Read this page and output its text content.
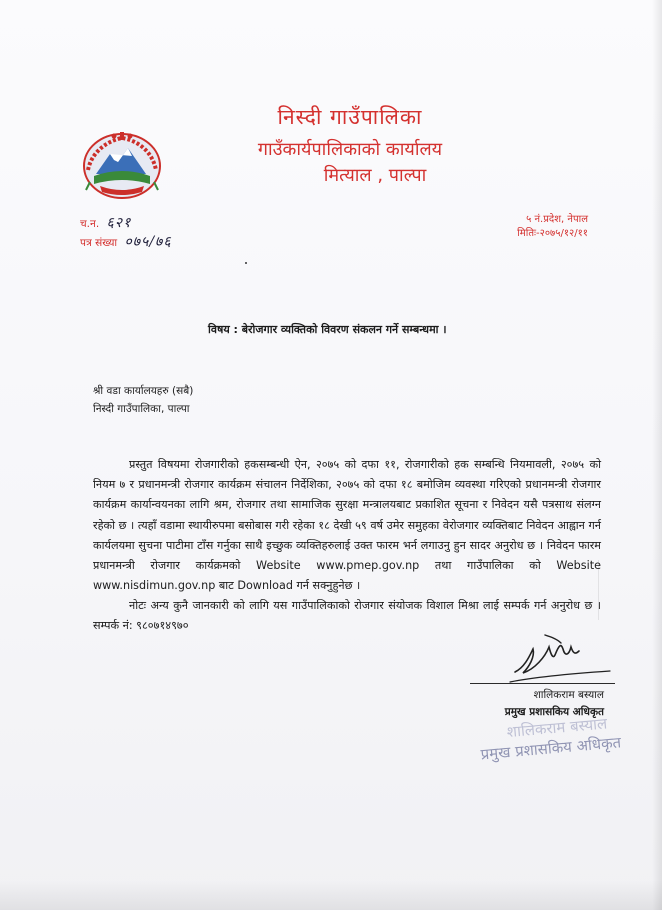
निस्दी गाउँपालिका
गाउँकार्यपालिकाको कार्यालय
मित्याल , पाल्पा
च.न. ६२१
पत्र संख्या ०७५/७६
५ नं.प्रदेश, नेपाल
मितिः-२०७५/१२/११
विषय : बेरोजगार व्यक्तिको विवरण संकलन गर्ने सम्बन्धमा ।
श्री वडा कार्यालयहरु (सबै)
निस्दी गाउँपालिका, पाल्पा

प्रस्तुत विषयमा रोजगारीको हकसम्बन्धी ऐन, २०७५ को दफा ११, रोजगारीको हक सम्बन्धि नियमावली, २०७५ को नियम ७ र प्रधानमन्त्री रोजगार कार्यक्रम संचालन निर्देशिका, २०७५ को दफा १८ बमोजिम व्यवस्था गरिएको प्रधानमन्त्री रोजगार कार्यक्रम कार्यान्वयनका लागि श्रम, रोजगार तथा सामाजिक सुरक्षा मन्त्रालयबाट प्रकाशित सूचना र निवेदन यसै पत्रसाथ संलग्न रहेको छ । त्यहाँ वडामा स्थायीरुपमा बसोबास गरी रहेका १८ देखी ५९ वर्ष उमेर समुहका वेरोजगार व्यक्तिबाट निवेदन आह्वान गर्न कार्यलयमा सुचना पाटीमा टाँस गर्नुका साथै इच्छुक व्यक्तिहरुलाई उक्त फारम भर्न लगाउनु हुन सादर अनुरोध छ । निवेदन फारम प्रधानमन्त्री रोजगार कार्यक्रमको Website www.pmep.gov.np तथा गाउँपालिका को Website www.nisdimun.gov.np बाट Download गर्न सक्नुहुनेछ ।

नोटः अन्य कुनै जानकारी को लागि यस गाउँपालिकाको रोजगार संयोजक विशाल मिश्रा लाई सम्पर्क गर्न अनुरोध छ । सम्पर्क नं: ९८०७१४९७०

शालिकराम बस्याल
प्रमुख प्रशासकिय अधिकृत
शालिकराम बस्याल
प्रमुख प्रशासकिय अधिकृत
